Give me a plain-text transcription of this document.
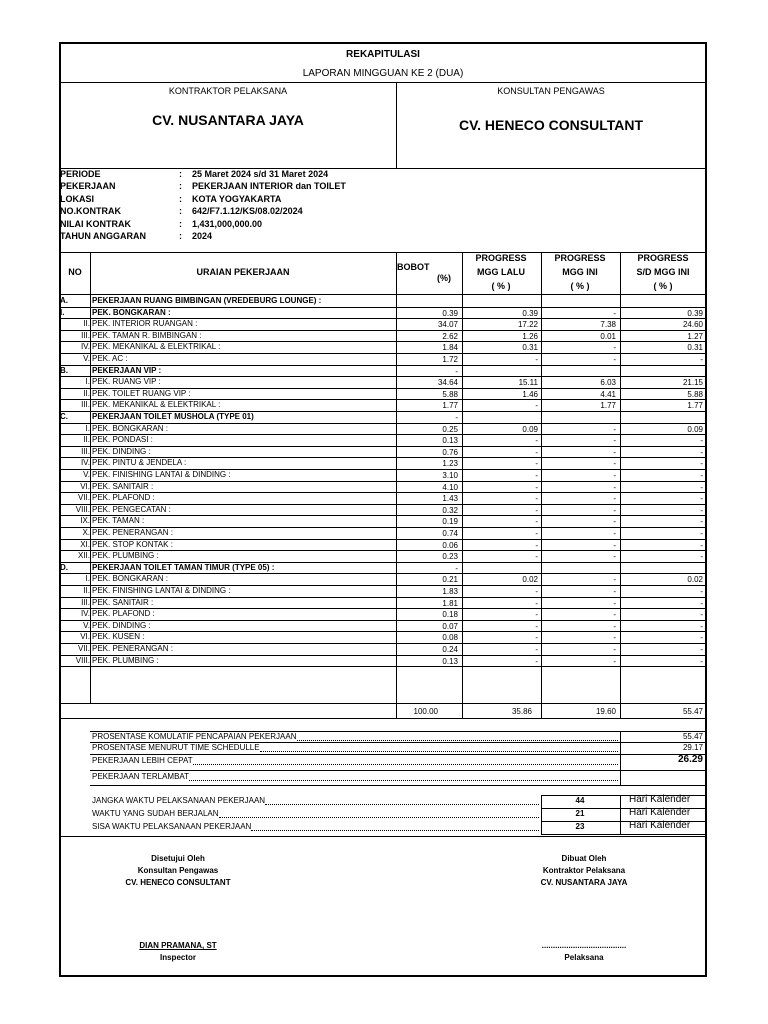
REKAPITULASI
LAPORAN MINGGUAN KE 2 (DUA)
KONTRAKTOR PELAKSANA
CV. NUSANTARA JAYA
KONSULTAN PENGAWAS
CV. HENECO CONSULTANT
PERIODE	: 25 Maret 2024 s/d 31 Maret 2024
PEKERJAAN	: PEKERJAAN INTERIOR dan TOILET
LOKASI	: KOTA YOGYAKARTA
NO.KONTRAK	: 642/F7.1.12/KS/08.02/2024
NILAI KONTRAK	: 1,431,000,000.00
TAHUN ANGGARAN	: 2024
NO	URAIAN PEKERJAAN	BOBOT
(%)
PROGRESS
MGG LALU
( % )
PROGRESS
MGG INI
( % )
PROGRESS
S/D MGG INI
( % )
A.	PEKERJAAN RUANG BIMBINGAN (VREDEBURG LOUNGE) :
I.	PEK. BONGKARAN :	0.39	0.39	-	0.39
II. PEK. INTERIOR RUANGAN :	34.07	17.22	7.38	24.60
III. PEK. TAMAN R. BIMBINGAN :	2.62	1.26	0.01	1.27
IV. PEK. MEKANIKAL & ELEKTRIKAL :	1.84	0.31	-	0.31
V. PEK. AC :	1.72	-	-	-
B.	PEKERJAAN VIP :	-
I. PEK. RUANG VIP :	34.64	15.11	6.03	21.15
II. PEK. TOILET RUANG VIP :	5.88	1.46	4.41	5.88
III. PEK. MEKANIKAL & ELEKTRIKAL :	1.77	-	1.77	1.77
C.	PEKERJAAN TOILET MUSHOLA (TYPE 01)	-
I. PEK. BONGKARAN :	0.25	0.09	-	0.09
II. PEK. PONDASI :	0.13	-	-	-
III. PEK. DINDING :	0.76	-	-	-
IV. PEK. PINTU & JENDELA :	1.23	-	-	-
V. PEK. FINISHING LANTAI & DINDING :	3.10	-	-	-
VI. PEK. SANITAIR :	4.10	-	-	-
VII. PEK. PLAFOND :	1.43	-	-	-
VIII. PEK. PENGECATAN :	0.32	-	-	-
IX. PEK. TAMAN :	0.19	-	-	-
X. PEK. PENERANGAN :	0.74	-	-	-
XI. PEK. STOP KONTAK :	0.06	-	-	-
XII. PEK. PLUMBING :	0.23	-	-	-
D.	PEKERJAAN TOILET TAMAN TIMUR (TYPE 05) :	-
I. PEK. BONGKARAN :	0.21	0.02	-	0.02
II. PEK. FINISHING LANTAI & DINDING :	1.83	-	-	-
III. PEK. SANITAIR :	1.81	-	-	-
IV. PEK. PLAFOND :	0.18	-	-	-
V. PEK. DINDING :	0.07	-	-	-
VI. PEK. KUSEN :	0.08	-	-	-
VII. PEK. PENERANGAN :	0.24	-	-	-
VIII. PEK. PLUMBING :	0.13	-	-	-
100.00	35.86	19.60	55.47
PROSENTASE KOMULATIF PENCAPAIAN PEKERJAAN	55.47
PROSENTASE MENURUT TIME SCHEDULLE	29.17
PEKERJAAN LEBIH CEPAT	26.29
PEKERJAAN TERLAMBAT
JANGKA WAKTU PELAKSANAAN PEKERJAAN	44	Hari Kalender
WAKTU YANG SUDAH BERJALAN	21	Hari Kalender
SISA WAKTU PELAKSANAAN PEKERJAAN	23	Hari Kalender
Disetujui Oleh
Konsultan Pengawas
CV. HENECO CONSULTANT
DIAN PRAMANA, ST
Inspector
Dibuat Oleh
Kontraktor Pelaksana
CV. NUSANTARA JAYA
......................................
Pelaksana
